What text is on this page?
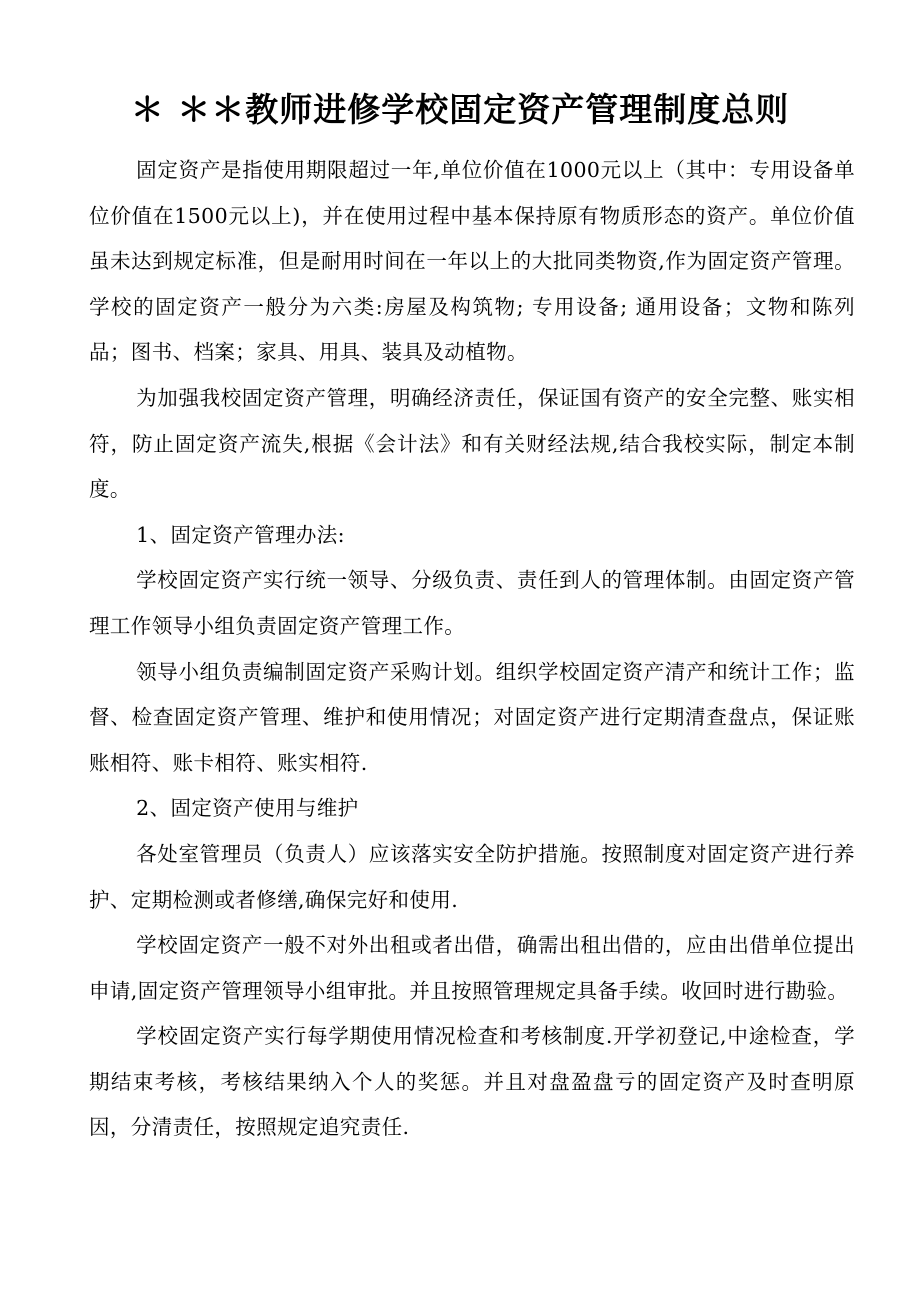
＊ ＊＊教师进修学校固定资产管理制度总则

固定资产是指使用期限超过一年,单位价值在1000元以上（其中：专用设备单位价值在1500元以上)，并在使用过程中基本保持原有物质形态的资产。单位价值虽未达到规定标准，但是耐用时间在一年以上的大批同类物资,作为固定资产管理。学校的固定资产一般分为六类:房屋及构筑物; 专用设备; 通用设备；文物和陈列品；图书、档案；家具、用具、装具及动植物。

为加强我校固定资产管理，明确经济责任，保证国有资产的安全完整、账实相符，防止固定资产流失,根据《会计法》和有关财经法规,结合我校实际，制定本制度。

1、固定资产管理办法:

学校固定资产实行统一领导、分级负责、责任到人的管理体制。由固定资产管理工作领导小组负责固定资产管理工作。

领导小组负责编制固定资产采购计划。组织学校固定资产清产和统计工作；监督、检查固定资产管理、维护和使用情况；对固定资产进行定期清查盘点，保证账账相符、账卡相符、账实相符.

2、固定资产使用与维护

各处室管理员（负责人）应该落实安全防护措施。按照制度对固定资产进行养护、定期检测或者修缮,确保完好和使用.

学校固定资产一般不对外出租或者出借，确需出租出借的，应由出借单位提出申请,固定资产管理领导小组审批。并且按照管理规定具备手续。收回时进行勘验。

学校固定资产实行每学期使用情况检查和考核制度.开学初登记,中途检查，学期结束考核，考核结果纳入个人的奖惩。并且对盘盈盘亏的固定资产及时查明原因，分清责任，按照规定追究责任.
